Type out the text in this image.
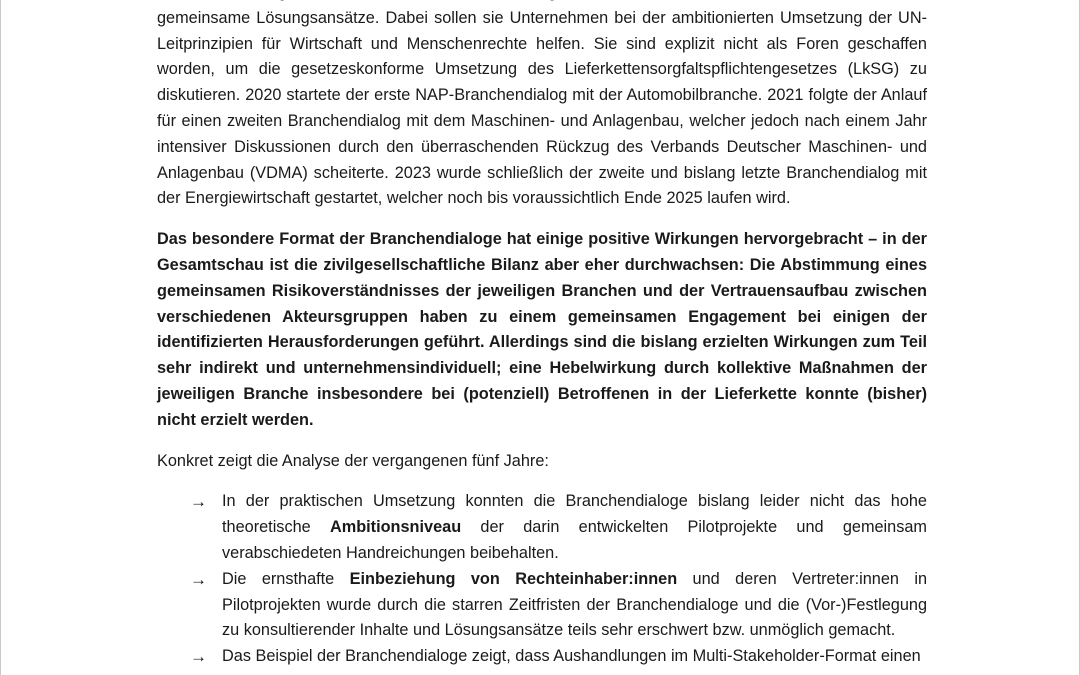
gemeinsame Lösungsansätze. Dabei sollen sie Unternehmen bei der ambitionierten Umsetzung der UN-Leitprinzipien für Wirtschaft und Menschenrechte helfen. Sie sind explizit nicht als Foren geschaffen worden, um die gesetzeskonforme Umsetzung des Lieferkettensorgfaltspflichtengesetzes (LkSG) zu diskutieren. 2020 startete der erste NAP-Branchendialog mit der Automobilbranche. 2021 folgte der Anlauf für einen zweiten Branchendialog mit dem Maschinen- und Anlagenbau, welcher jedoch nach einem Jahr intensiver Diskussionen durch den überraschenden Rückzug des Verbands Deutscher Maschinen- und Anlagenbau (VDMA) scheiterte. 2023 wurde schließlich der zweite und bislang letzte Branchendialog mit der Energiewirtschaft gestartet, welcher noch bis voraussichtlich Ende 2025 laufen wird.

Das besondere Format der Branchendialoge hat einige positive Wirkungen hervorgebracht – in der Gesamtschau ist die zivilgesellschaftliche Bilanz aber eher durchwachsen: Die Abstimmung eines gemeinsamen Risikoverständnisses der jeweiligen Branchen und der Vertrauensaufbau zwischen verschiedenen Akteursgruppen haben zu einem gemeinsamen Engagement bei einigen der identifizierten Herausforderungen geführt. Allerdings sind die bislang erzielten Wirkungen zum Teil sehr indirekt und unternehmensindividuell; eine Hebelwirkung durch kollektive Maßnahmen der jeweiligen Branche insbesondere bei (potenziell) Betroffenen in der Lieferkette konnte (bisher) nicht erzielt werden.

Konkret zeigt die Analyse der vergangenen fünf Jahre:

→ In der praktischen Umsetzung konnten die Branchendialoge bislang leider nicht das hohe theoretische Ambitionsniveau der darin entwickelten Pilotprojekte und gemeinsam verabschiedeten Handreichungen beibehalten.
→ Die ernsthafte Einbeziehung von Rechteinhaber:innen und deren Vertreter:innen in Pilotprojekten wurde durch die starren Zeitfristen der Branchendialoge und die (Vor-)Festlegung zu konsultierender Inhalte und Lösungsansätze teils sehr erschwert bzw. unmöglich gemacht.
→ Das Beispiel der Branchendialoge zeigt, dass Aushandlungen im Multi-Stakeholder-Format einen
